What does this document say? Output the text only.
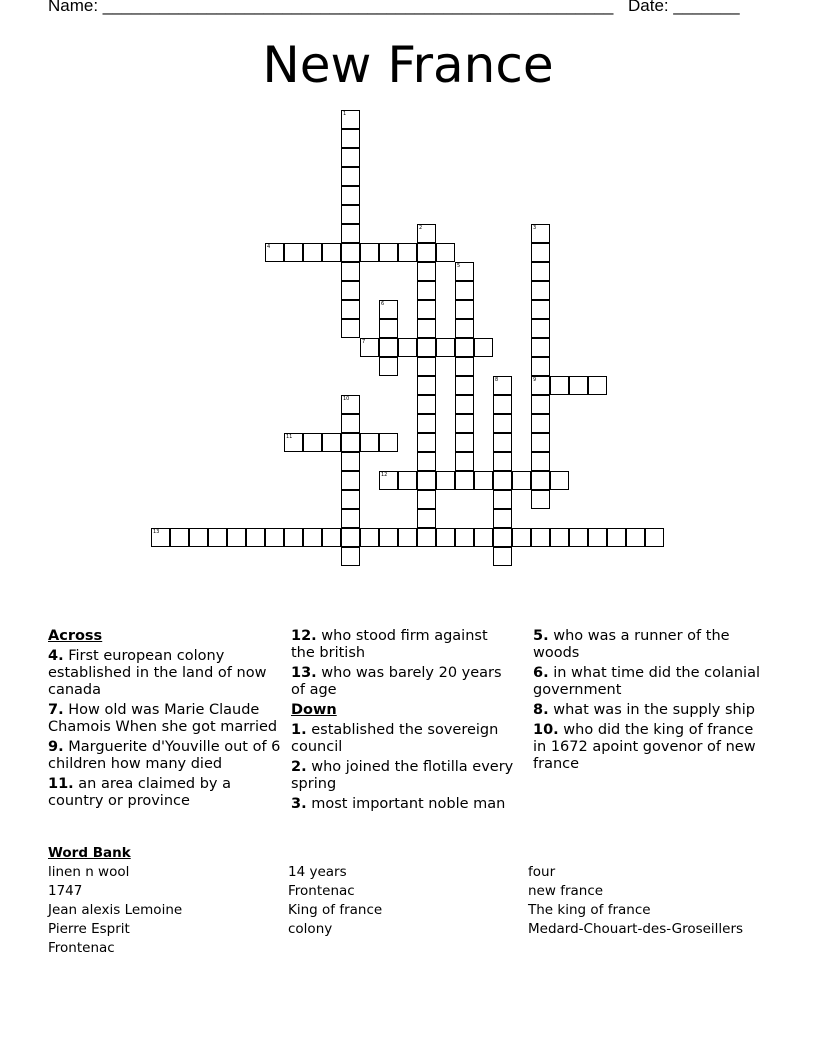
Name: ______________________________________________________ Date: _______
New France
1
2	3
9
4
5
6
7
8
10
11
12
13
Across
4. First european colony established in the land of now canada
7. How old was Marie Claude Chamois When she got married
9. Marguerite d'Youville out of 6 children how many died
11. an area claimed by a country or province
12. who stood firm against the british
13. who was barely 20 years of age
Down
1. established the sovereign council
2. who joined the flotilla every spring
3. most important noble man
5. who was a runner of the woods
6. in what time did the colanial government
8. what was in the supply ship
10. who did the king of france in 1672 apoint govenor of new france
Word Bank
linen n wool
1747
Jean alexis Lemoine
Pierre Esprit
Frontenac
14 years
Frontenac
King of france
colony
four
new france
The king of france
Medard-Chouart-des-Groseillers
